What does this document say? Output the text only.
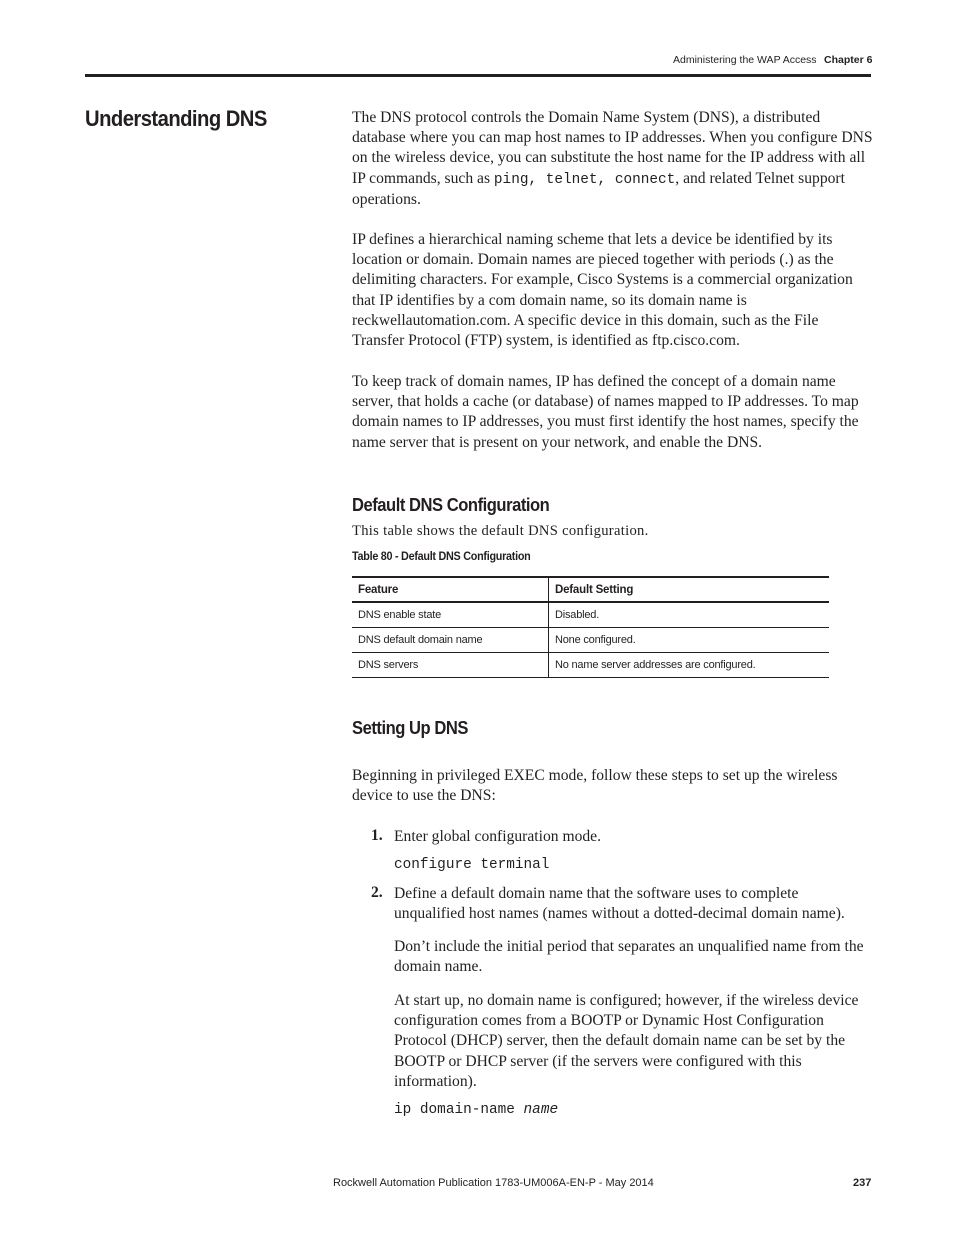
Administering the WAP Access Chapter 6
Understanding DNS	The DNS protocol controls the Domain Name System (DNS), a distributed database where you can map host names to IP addresses. When you configure DNS on the wireless device, you can substitute the host name for the IP address with all IP commands, such as ping, telnet, connect, and related Telnet support operations.
IP defines a hierarchical naming scheme that lets a device be identified by its location or domain. Domain names are pieced together with periods (.) as the delimiting characters. For example, Cisco Systems is a commercial organization that IP identifies by a com domain name, so its domain name is reckwellautomation.com. A specific device in this domain, such as the File Transfer Protocol (FTP) system, is identified as ftp.cisco.com.
To keep track of domain names, IP has defined the concept of a domain name server, that holds a cache (or database) of names mapped to IP addresses. To map domain names to IP addresses, you must first identify the host names, specify the name server that is present on your network, and enable the DNS.
Default DNS Configuration
This table shows the default DNS configuration.
Table 80 - Default DNS Configuration
Feature	Default Setting
DNS enable state	Disabled.
DNS default domain name	None configured.
DNS servers	No name server addresses are configured.
Setting Up DNS
Beginning in privileged EXEC mode, follow these steps to set up the wireless device to use the DNS:
1. Enter global configuration mode.
configure terminal
2. Define a default domain name that the software uses to complete unqualified host names (names without a dotted-decimal domain name).
Don’t include the initial period that separates an unqualified name from the domain name.
At start up, no domain name is configured; however, if the wireless device configuration comes from a BOOTP or Dynamic Host Configuration Protocol (DHCP) server, then the default domain name can be set by the BOOTP or DHCP server (if the servers were configured with this information).
ip domain-name name
Rockwell Automation Publication 1783-UM006A-EN-P - May 2014	237
